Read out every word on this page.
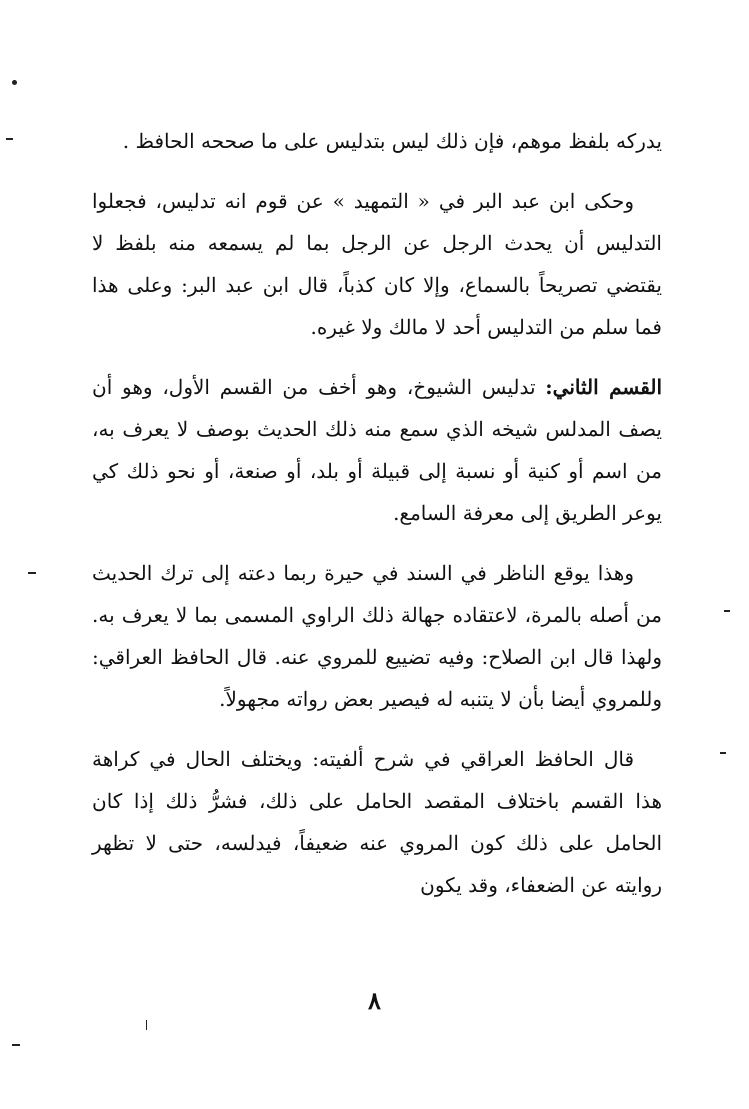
يدركه بلفظ موهم، فإن ذلك ليس بتدليس على ما صححه الحافظ .

وحكى ابن عبد البر في « التمهيد » عن قوم انه تدليس، فجعلوا التدليس أن يحدث الرجل عن الرجل بما لم يسمعه منه بلفظ لا يقتضي تصريحاً بالسماع، وإلا كان كذباً، قال ابن عبد البر: وعلى هذا فما سلم من التدليس أحد لا مالك ولا غيره.

القسم الثاني: تدليس الشيوخ، وهو أخف من القسم الأول، وهو أن يصف المدلس شيخه الذي سمع منه ذلك الحديث بوصف لا يعرف به، من اسم أو كنية أو نسبة إلى قبيلة أو بلد، أو صنعة، أو نحو ذلك كي يوعر الطريق إلى معرفة السامع.

وهذا يوقع الناظر في السند في حيرة ربما دعته إلى ترك الحديث من أصله بالمرة، لاعتقاده جهالة ذلك الراوي المسمى بما لا يعرف به. ولهذا قال ابن الصلاح: وفيه تضييع للمروي عنه. قال الحافظ العراقي: وللمروي أيضا بأن لا يتنبه له فيصير بعض رواته مجهولاً.

قال الحافظ العراقي في شرح ألفيته: ويختلف الحال في كراهة هذا القسم باختلاف المقصد الحامل على ذلك، فشرُّ ذلك إذا كان الحامل على ذلك كون المروي عنه ضعيفاً، فيدلسه، حتى لا تظهر روايته عن الضعفاء، وقد يكون

٨
